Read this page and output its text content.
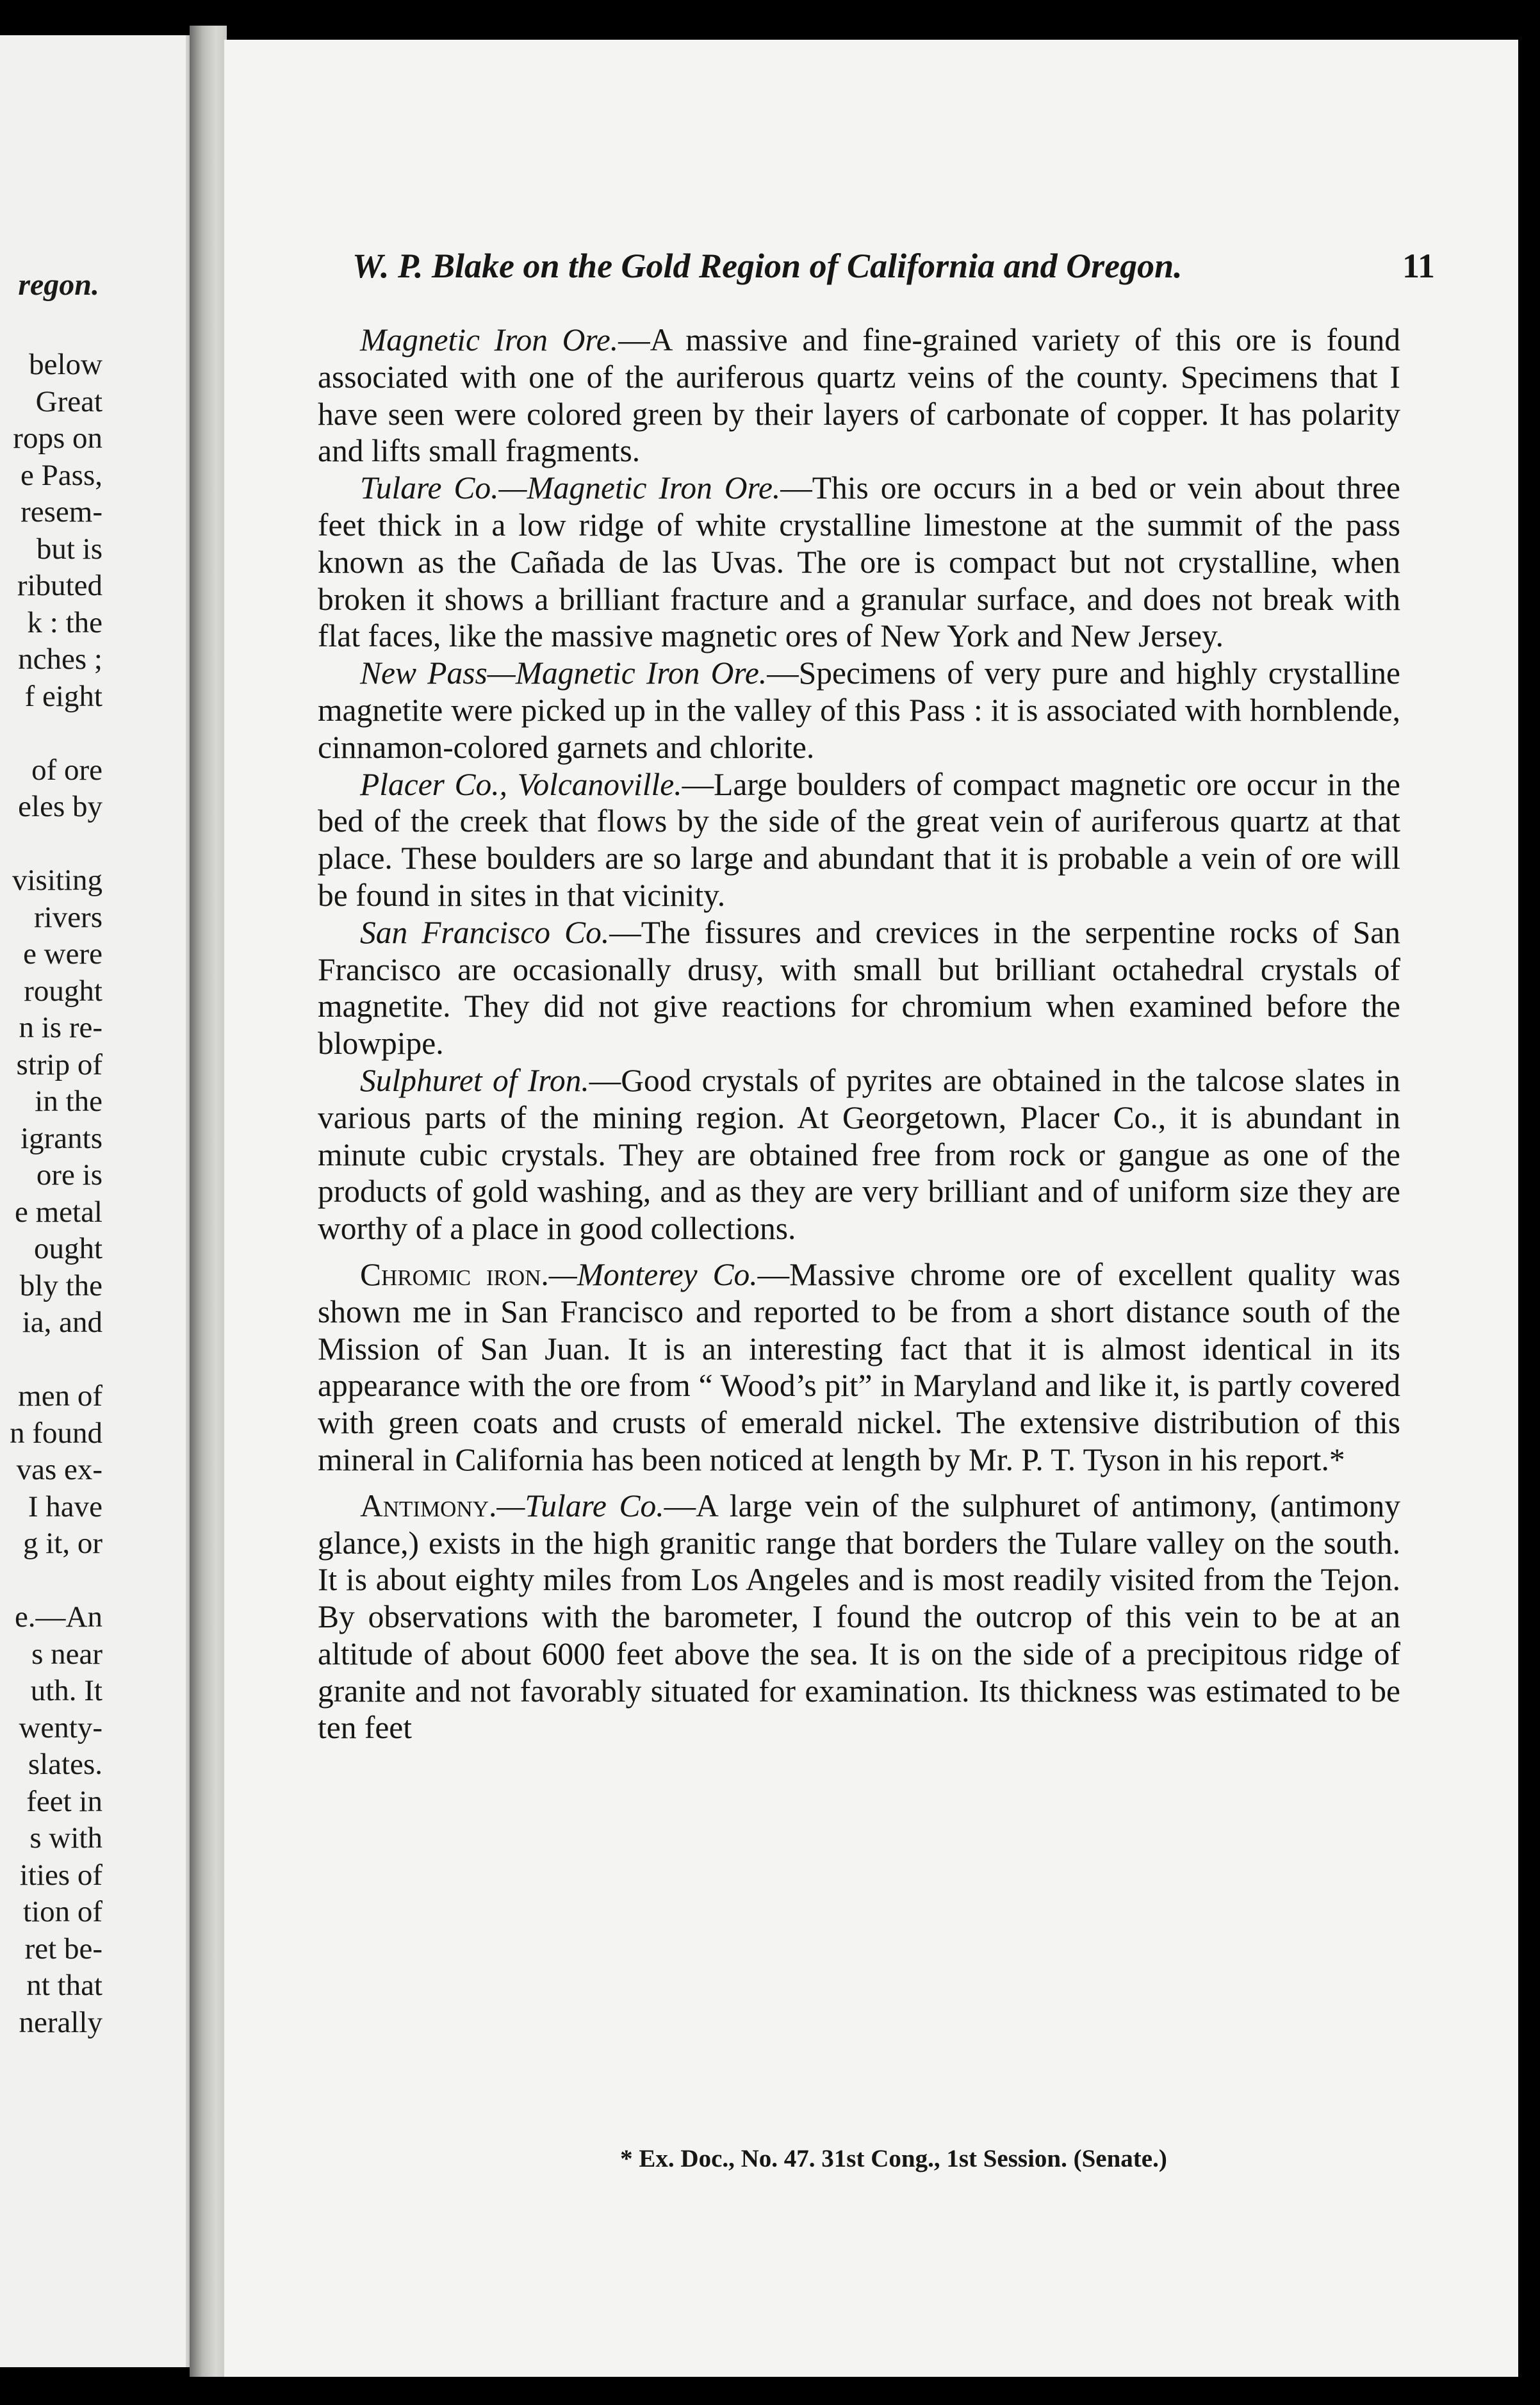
regon.
below
Great
rops on
e Pass,
resem-
but is
ributed
k : the
nches ;
f eight
of ore
eles by
visiting
rivers
e were
rought
n is re-
strip of
in the
igrants
ore is
e metal
ought
bly the
ia, and
men of
n found
vas ex-
I have
g it, or
e.—An
s near
uth. It
wenty-
slates.
feet in
s with
ities of
tion of
ret be-
nt that
nerally
W. P. Blake on the Gold Region of California and Oregon.	11

Magnetic Iron Ore.—A massive and fine-grained variety of this ore is found associated with one of the auriferous quartz veins of the county. Specimens that I have seen were colored green by their layers of carbonate of copper. It has polarity and lifts small fragments.

Tulare Co.—Magnetic Iron Ore.—This ore occurs in a bed or vein about three feet thick in a low ridge of white crystalline limestone at the summit of the pass known as the Cañada de las Uvas. The ore is compact but not crystalline, when broken it shows a brilliant fracture and a granular surface, and does not break with flat faces, like the massive magnetic ores of New York and New Jersey.

New Pass—Magnetic Iron Ore.—Specimens of very pure and highly crystalline magnetite were picked up in the valley of this Pass : it is associated with hornblende, cinnamon-colored garnets and chlorite.

Placer Co., Volcanoville.—Large boulders of compact magnetic ore occur in the bed of the creek that flows by the side of the great vein of auriferous quartz at that place. These boulders are so large and abundant that it is probable a vein of ore will be found in sites in that vicinity.

San Francisco Co.—The fissures and crevices in the serpentine rocks of San Francisco are occasionally drusy, with small but brilliant octahedral crystals of magnetite. They did not give reactions for chromium when examined before the blowpipe.

Sulphuret of Iron.—Good crystals of pyrites are obtained in the talcose slates in various parts of the mining region. At Georgetown, Placer Co., it is abundant in minute cubic crystals. They are obtained free from rock or gangue as one of the products of gold washing, and as they are very brilliant and of uniform size they are worthy of a place in good collections.

Chromic iron.—Monterey Co.—Massive chrome ore of excellent quality was shown me in San Francisco and reported to be from a short distance south of the Mission of San Juan. It is an interesting fact that it is almost identical in its appearance with the ore from “ Wood’s pit” in Maryland and like it, is partly covered with green coats and crusts of emerald nickel. The extensive distribution of this mineral in California has been noticed at length by Mr. P. T. Tyson in his report.*

Antimony.—Tulare Co.—A large vein of the sulphuret of antimony, (antimony glance,) exists in the high granitic range that borders the Tulare valley on the south. It is about eighty miles from Los Angeles and is most readily visited from the Tejon. By observations with the barometer, I found the outcrop of this vein to be at an altitude of about 6000 feet above the sea. It is on the side of a precipitous ridge of granite and not favorably situated for examination. Its thickness was estimated to be ten feet

* Ex. Doc., No. 47. 31st Cong., 1st Session. (Senate.)
